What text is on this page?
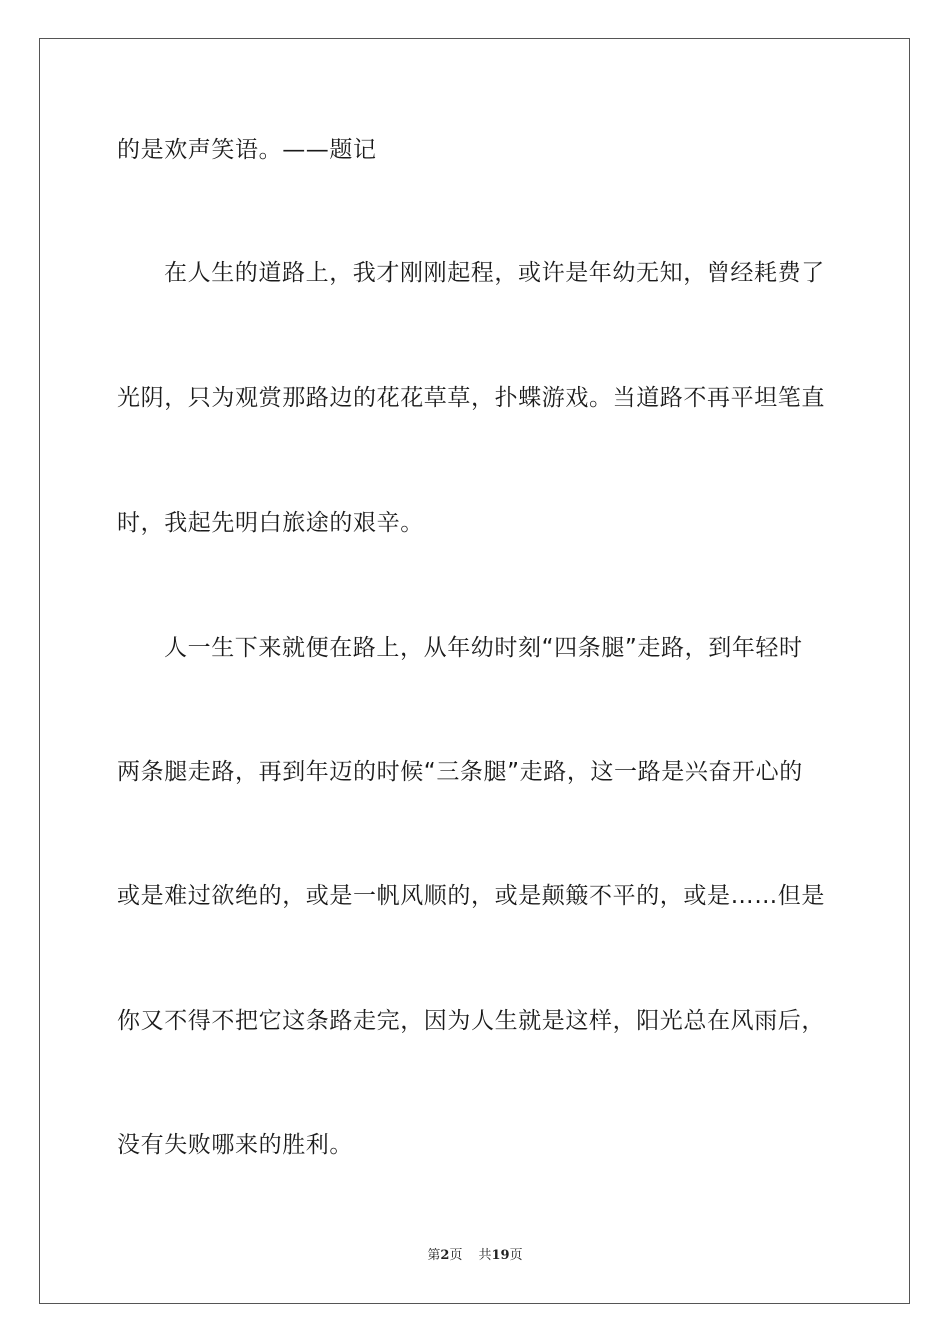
的是欢声笑语。——题记
在人生的道路上，我才刚刚起程，或许是年幼无知，曾经耗费了
光阴，只为观赏那路边的花花草草，扑蝶游戏。当道路不再平坦笔直
时，我起先明白旅途的艰辛。
人一生下来就便在路上，从年幼时刻“四条腿”走路，到年轻时
两条腿走路，再到年迈的时候“三条腿”走路，这一路是兴奋开心的
或是难过欲绝的，或是一帆风顺的，或是颠簸不平的，或是……但是
你又不得不把它这条路走完，因为人生就是这样，阳光总在风雨后，
没有失败哪来的胜利。
第2页 共19页
